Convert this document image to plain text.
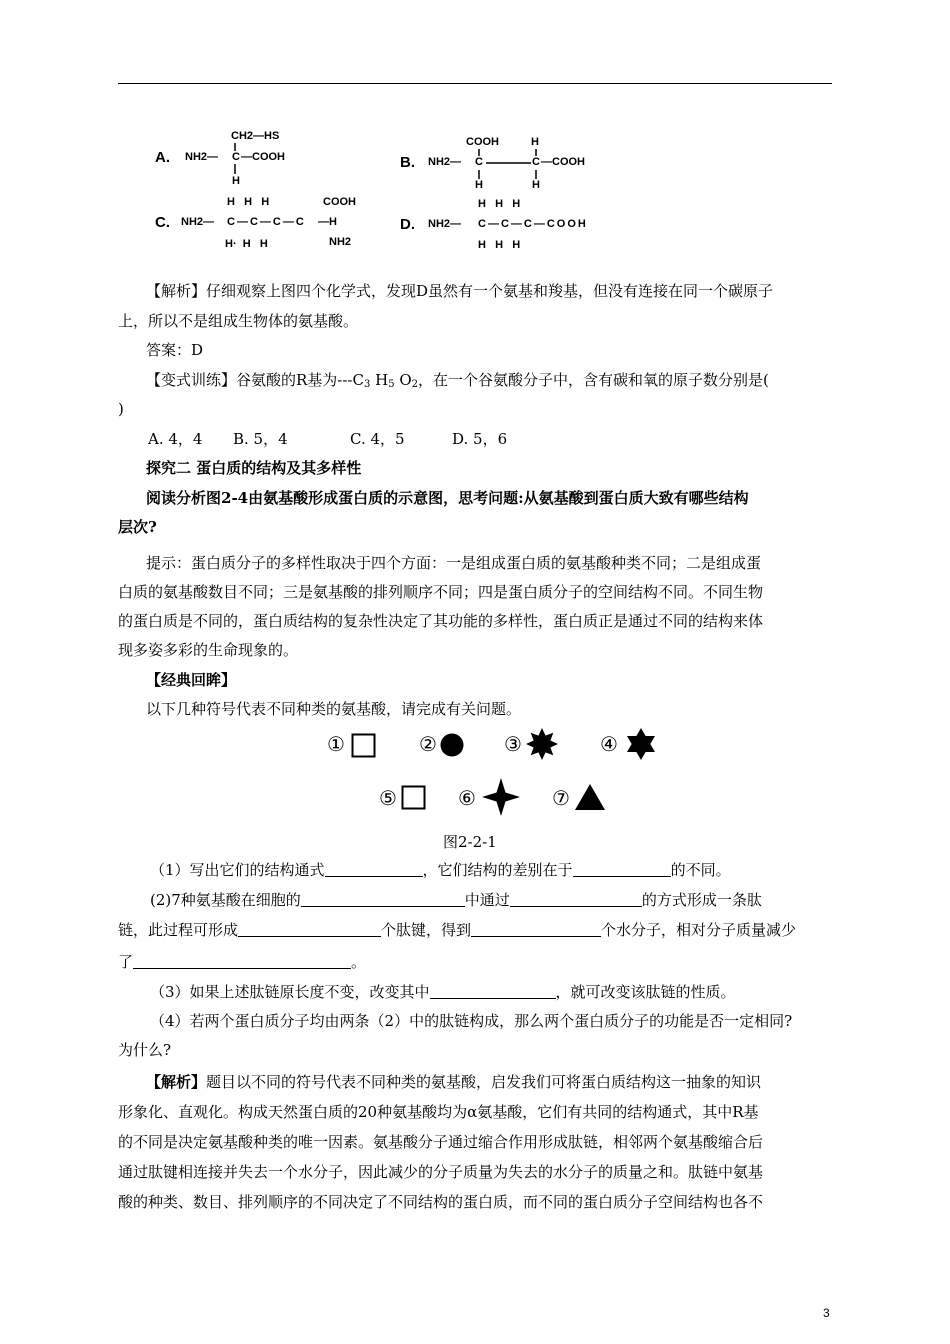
A.
CH2—HS
NH2— C —COOH
H
B.
COOH	H
NH2— C	C —COOH
H	H
C.
H   H   H	COOH
NH2— C—C—C—C —H
H·  H   H	NH2
D.
H   H   H
NH2— C—C—C—COOH
H   H   H
【解析】仔细观察上图四个化学式，发现D虽然有一个氨基和羧基，但没有连接在同一个碳原子
上，所以不是组成生物体的氨基酸。
答案：D
【变式训练】谷氨酸的R基为$---C_3$ $H_5$ $O_2$，在一个谷氨酸分子中，含有碳和氧的原子数分别是(
)
A. 4，4 B. 5，4	C. 4，5	D. 5，6
探究二 蛋白质的结构及其多样性
阅读分析图2-4由氨基酸形成蛋白质的示意图，思考问题:从氨基酸到蛋白质大致有哪些结构
层次?
提示：蛋白质分子的多样性取决于四个方面：一是组成蛋白质的氨基酸种类不同；二是组成蛋
白质的氨基酸数目不同；三是氨基酸的排列顺序不同；四是蛋白质分子的空间结构不同。不同生物
的蛋白质是不同的，蛋白质结构的复杂性决定了其功能的多样性，蛋白质正是通过不同的结构来体
现多姿多彩的生命现象的。
【经典回眸】
以下几种符号代表不同种类的氨基酸，请完成有关问题。
①	②	③	④
⑤	⑥	⑦
图2-2-1
（1）写出它们的结构通式	，它们结构的差别在于	的不同。
(2)7种氨基酸在细胞的	中通过	的方式形成一条肽
链，此过程可形成	个肽键，得到	个水分子，相对分子质量减少
了	。
（3）如果上述肽链原长度不变，改变其中	，就可改变该肽链的性质。
（4）若两个蛋白质分子均由两条（2）中的肽链构成，那么两个蛋白质分子的功能是否一定相同?
为什么?
【解析】题目以不同的符号代表不同种类的氨基酸，启发我们可将蛋白质结构这一抽象的知识
形象化、直观化。构成天然蛋白质的20种氨基酸均为α氨基酸，它们有共同的结构通式，其中R基
的不同是决定氨基酸种类的唯一因素。氨基酸分子通过缩合作用形成肽链，相邻两个氨基酸缩合后
通过肽键相连接并失去一个水分子，因此减少的分子质量为失去的水分子的质量之和。肽链中氨基
酸的种类、数目、排列顺序的不同决定了不同结构的蛋白质，而不同的蛋白质分子空间结构也各不
3
